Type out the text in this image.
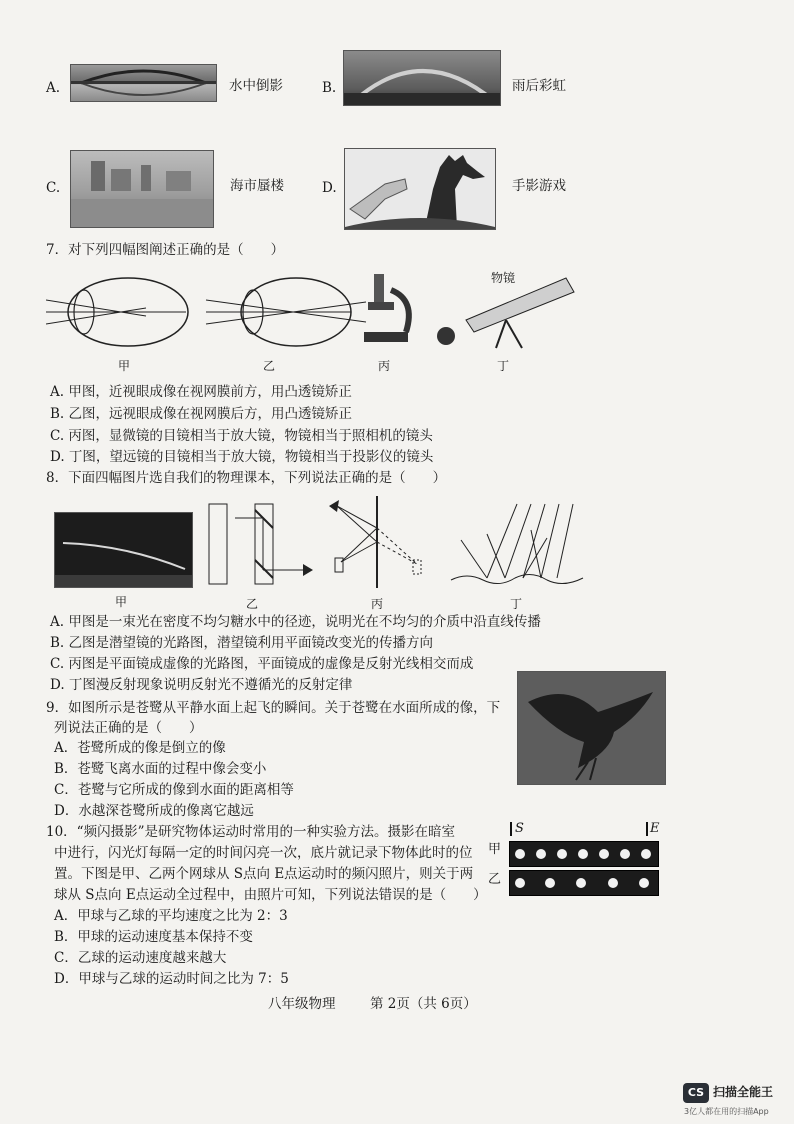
A.	水中倒影	B.	雨后彩虹
C.	海市蜃楼	D.	手影游戏
7．对下列四幅图阐述正确的是（　　）
物镜
甲	乙	丙	丁
A. 甲图，近视眼成像在视网膜前方，用凸透镜矫正
B. 乙图，远视眼成像在视网膜后方，用凸透镜矫正
C. 丙图，显微镜的目镜相当于放大镜，物镜相当于照相机的镜头
D. 丁图，望远镜的目镜相当于放大镜，物镜相当于投影仪的镜头
8．下面四幅图片选自我们的物理课本，下列说法正确的是（　　）
甲	乙	丙	丁
A. 甲图是一束光在密度不均匀糖水中的径迹，说明光在不均匀的介质中沿直线传播
B. 乙图是潜望镜的光路图，潜望镜利用平面镜改变光的传播方向
C. 丙图是平面镜成虚像的光路图，平面镜成的虚像是反射光线相交而成
D. 丁图漫反射现象说明反射光不遵循光的反射定律
9．如图所示是苍鹭从平静水面上起飞的瞬间。关于苍鹭在水面所成的像，下
列说法正确的是（　　）
A．苍鹭所成的像是倒立的像
B．苍鹭飞离水面的过程中像会变小
C．苍鹭与它所成的像到水面的距离相等
D．水越深苍鹭所成的像离它越远
10．“频闪摄影”是研究物体运动时常用的一种实验方法。摄影在暗室
中进行，闪光灯每隔一定的时间闪亮一次，底片就记录下物体此时的位
置。下图是甲、乙两个网球从 S点向 E点运动时的频闪照片，则关于两
球从 S点向 E点运动全过程中，由照片可知，下列说法错误的是（　　）
S	E
甲
乙
A．甲球与乙球的平均速度之比为 2：3
B．甲球的运动速度基本保持不变
C．乙球的运动速度越来越大
D．甲球与乙球的运动时间之比为 7：5
八年级物理	第 2页（共 6页）
CS 扫描全能王
3亿人都在用的扫描App
